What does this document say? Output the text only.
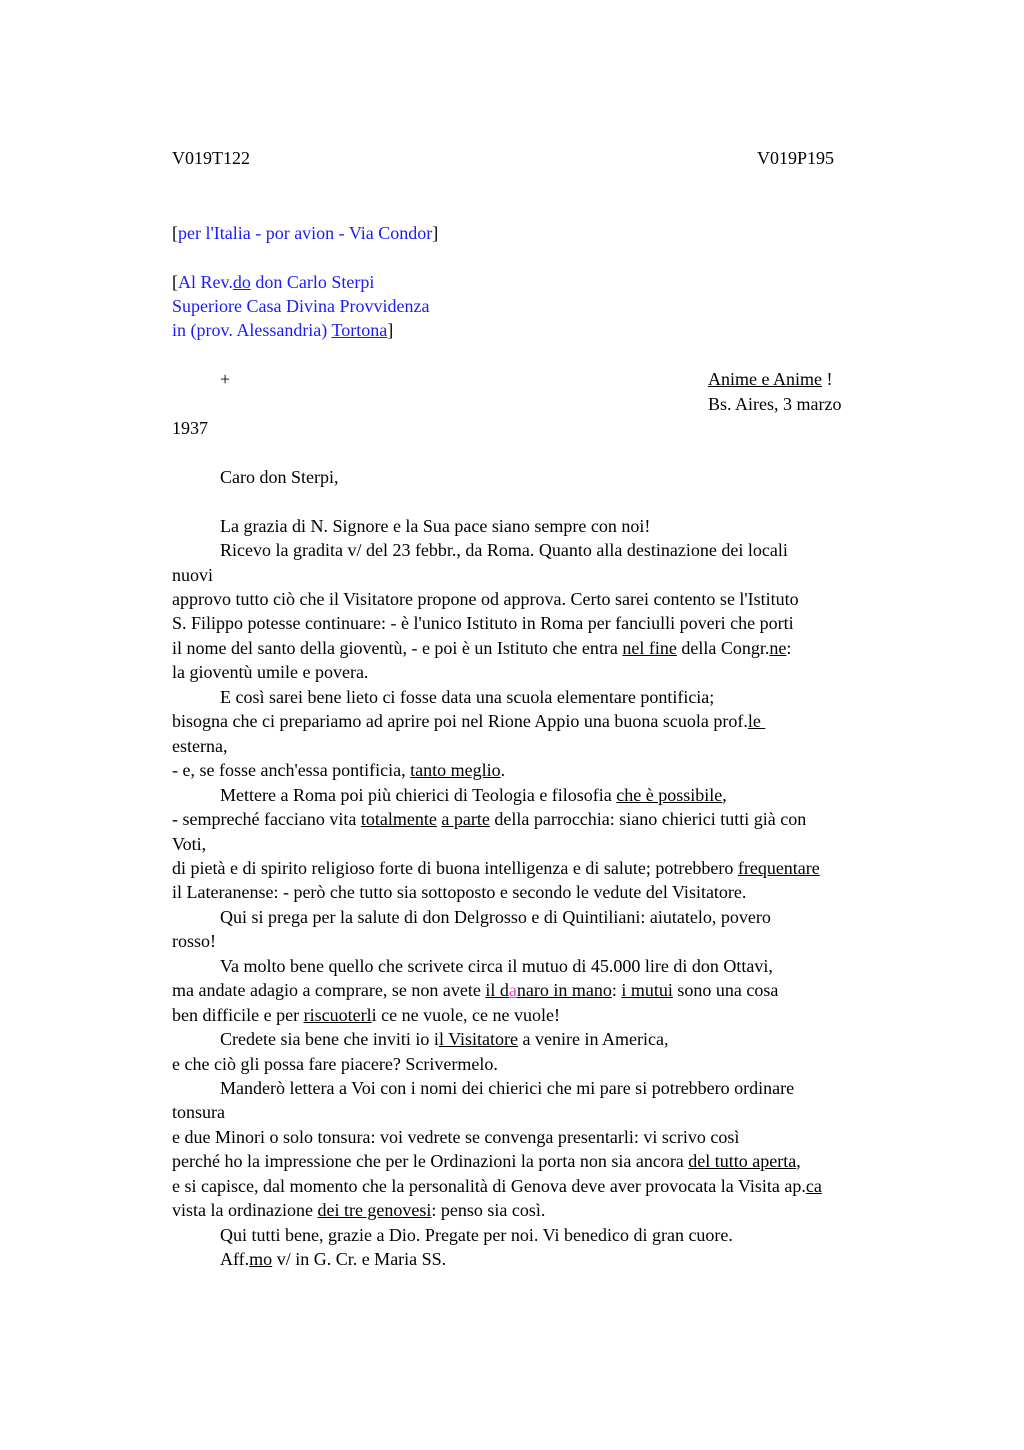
V019T122	V019P195
[per l'Italia - por avion - Via Condor]
[Al Rev.do don Carlo Sterpi
Superiore Casa Divina Provvidenza
in (prov. Alessandria) Tortona]
+	Anime e Anime !
Bs. Aires, 3 marzo
1937
Caro don Sterpi,
La grazia di N. Signore e la Sua pace siano sempre con noi!
Ricevo la gradita v/ del 23 febbr., da Roma. Quanto alla destinazione dei locali
nuovi
approvo tutto ciò che il Visitatore propone od approva. Certo sarei contento se l'Istituto
S. Filippo potesse continuare: - è l'unico Istituto in Roma per fanciulli poveri che porti
il nome del santo della gioventù, - e poi è un Istituto che entra nel fine della Congr.ne:
la gioventù umile e povera.
E così sarei bene lieto ci fosse data una scuola elementare pontificia;
bisogna che ci prepariamo ad aprire poi nel Rione Appio una buona scuola prof.le
esterna,
- e, se fosse anch'essa pontificia, tanto meglio.
Mettere a Roma poi più chierici di Teologia e filosofia che è possibile,
- sempreché facciano vita totalmente a parte della parrocchia: siano chierici tutti già con
Voti,
di pietà e di spirito religioso forte di buona intelligenza e di salute; potrebbero frequentare
il Lateranense: - però che tutto sia sottoposto e secondo le vedute del Visitatore.
Qui si prega per la salute di don Delgrosso e di Quintiliani: aiutatelo, povero
rosso!
Va molto bene quello che scrivete circa il mutuo di 45.000 lire di don Ottavi,
ma andate adagio a comprare, se non avete il danaro in mano: i mutui sono una cosa
ben difficile e per riscuoterli ce ne vuole, ce ne vuole!
Credete sia bene che inviti io il Visitatore a venire in America,
e che ciò gli possa fare piacere? Scrivermelo.
Manderò lettera a Voi con i nomi dei chierici che mi pare si potrebbero ordinare
tonsura
e due Minori o solo tonsura: voi vedrete se convenga presentarli: vi scrivo così
perché ho la impressione che per le Ordinazioni la porta non sia ancora del tutto aperta,
e si capisce, dal momento che la personalità di Genova deve aver provocata la Visita ap.ca
vista la ordinazione dei tre genovesi: penso sia così.
Qui tutti bene, grazie a Dio. Pregate per noi. Vi benedico di gran cuore.
Aff.mo v/ in G. Cr. e Maria SS.
